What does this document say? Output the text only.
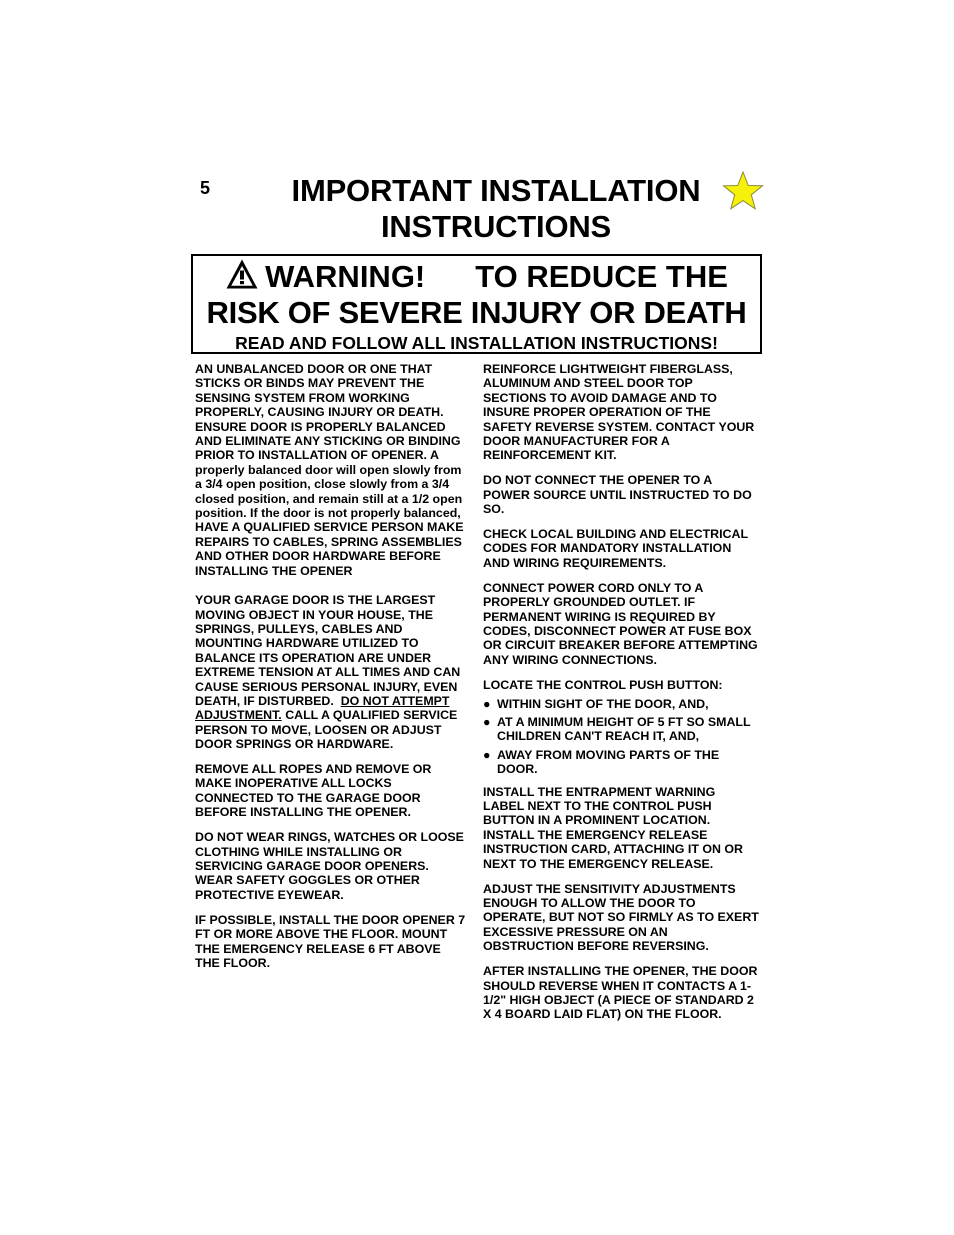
5	IMPORTANT INSTALLATION
INSTRUCTIONS
WARNING! TO REDUCE THE
RISK OF SEVERE INJURY OR DEATH
READ AND FOLLOW ALL INSTALLATION INSTRUCTIONS!

AN UNBALANCED DOOR OR ONE THAT STICKS OR BINDS MAY PREVENT THE SENSING SYSTEM FROM WORKING PROPERLY, CAUSING INJURY OR DEATH. ENSURE DOOR IS PROPERLY BALANCED AND ELIMINATE ANY STICKING OR BINDING PRIOR TO INSTALLATION OF OPENER. A properly balanced door will open slowly from a 3/4 open position, close slowly from a 3/4 closed position, and remain still at a 1/2 open position. If the door is not properly balanced, HAVE A QUALIFIED SERVICE PERSON MAKE REPAIRS TO CABLES, SPRING ASSEMBLIES AND OTHER DOOR HARDWARE BEFORE INSTALLING THE OPENER

YOUR GARAGE DOOR IS THE LARGEST MOVING OBJECT IN YOUR HOUSE, THE SPRINGS, PULLEYS, CABLES AND MOUNTING HARDWARE UTILIZED TO BALANCE ITS OPERATION ARE UNDER EXTREME TENSION AT ALL TIMES AND CAN CAUSE SERIOUS PERSONAL INJURY, EVEN DEATH, IF DISTURBED. DO NOT ATTEMPT ADJUSTMENT. CALL A QUALIFIED SERVICE PERSON TO MOVE, LOOSEN OR ADJUST DOOR SPRINGS OR HARDWARE.

REMOVE ALL ROPES AND REMOVE OR MAKE INOPERATIVE ALL LOCKS CONNECTED TO THE GARAGE DOOR BEFORE INSTALLING THE OPENER.

DO NOT WEAR RINGS, WATCHES OR LOOSE CLOTHING WHILE INSTALLING OR SERVICING GARAGE DOOR OPENERS. WEAR SAFETY GOGGLES OR OTHER PROTECTIVE EYEWEAR.

IF POSSIBLE, INSTALL THE DOOR OPENER 7 FT OR MORE ABOVE THE FLOOR. MOUNT THE EMERGENCY RELEASE 6 FT ABOVE THE FLOOR.

REINFORCE LIGHTWEIGHT FIBERGLASS, ALUMINUM AND STEEL DOOR TOP SECTIONS TO AVOID DAMAGE AND TO INSURE PROPER OPERATION OF THE SAFETY REVERSE SYSTEM. CONTACT YOUR DOOR MANUFACTURER FOR A REINFORCEMENT KIT.

DO NOT CONNECT THE OPENER TO A POWER SOURCE UNTIL INSTRUCTED TO DO SO.

CHECK LOCAL BUILDING AND ELECTRICAL CODES FOR MANDATORY INSTALLATION AND WIRING REQUIREMENTS.

CONNECT POWER CORD ONLY TO A PROPERLY GROUNDED OUTLET. IF PERMANENT WIRING IS REQUIRED BY CODES, DISCONNECT POWER AT FUSE BOX OR CIRCUIT BREAKER BEFORE ATTEMPTING ANY WIRING CONNECTIONS.

LOCATE THE CONTROL PUSH BUTTON:

● WITHIN SIGHT OF THE DOOR, AND,
● AT A MINIMUM HEIGHT OF 5 FT SO SMALL CHILDREN CAN'T REACH IT, AND,
● AWAY FROM MOVING PARTS OF THE DOOR.

INSTALL THE ENTRAPMENT WARNING LABEL NEXT TO THE CONTROL PUSH BUTTON IN A PROMINENT LOCATION. INSTALL THE EMERGENCY RELEASE INSTRUCTION CARD, ATTACHING IT ON OR NEXT TO THE EMERGENCY RELEASE.

ADJUST THE SENSITIVITY ADJUSTMENTS ENOUGH TO ALLOW THE DOOR TO OPERATE, BUT NOT SO FIRMLY AS TO EXERT EXCESSIVE PRESSURE ON AN OBSTRUCTION BEFORE REVERSING.

AFTER INSTALLING THE OPENER, THE DOOR SHOULD REVERSE WHEN IT CONTACTS A 1-1/2" HIGH OBJECT (A PIECE OF STANDARD 2 X 4 BOARD LAID FLAT) ON THE FLOOR.
